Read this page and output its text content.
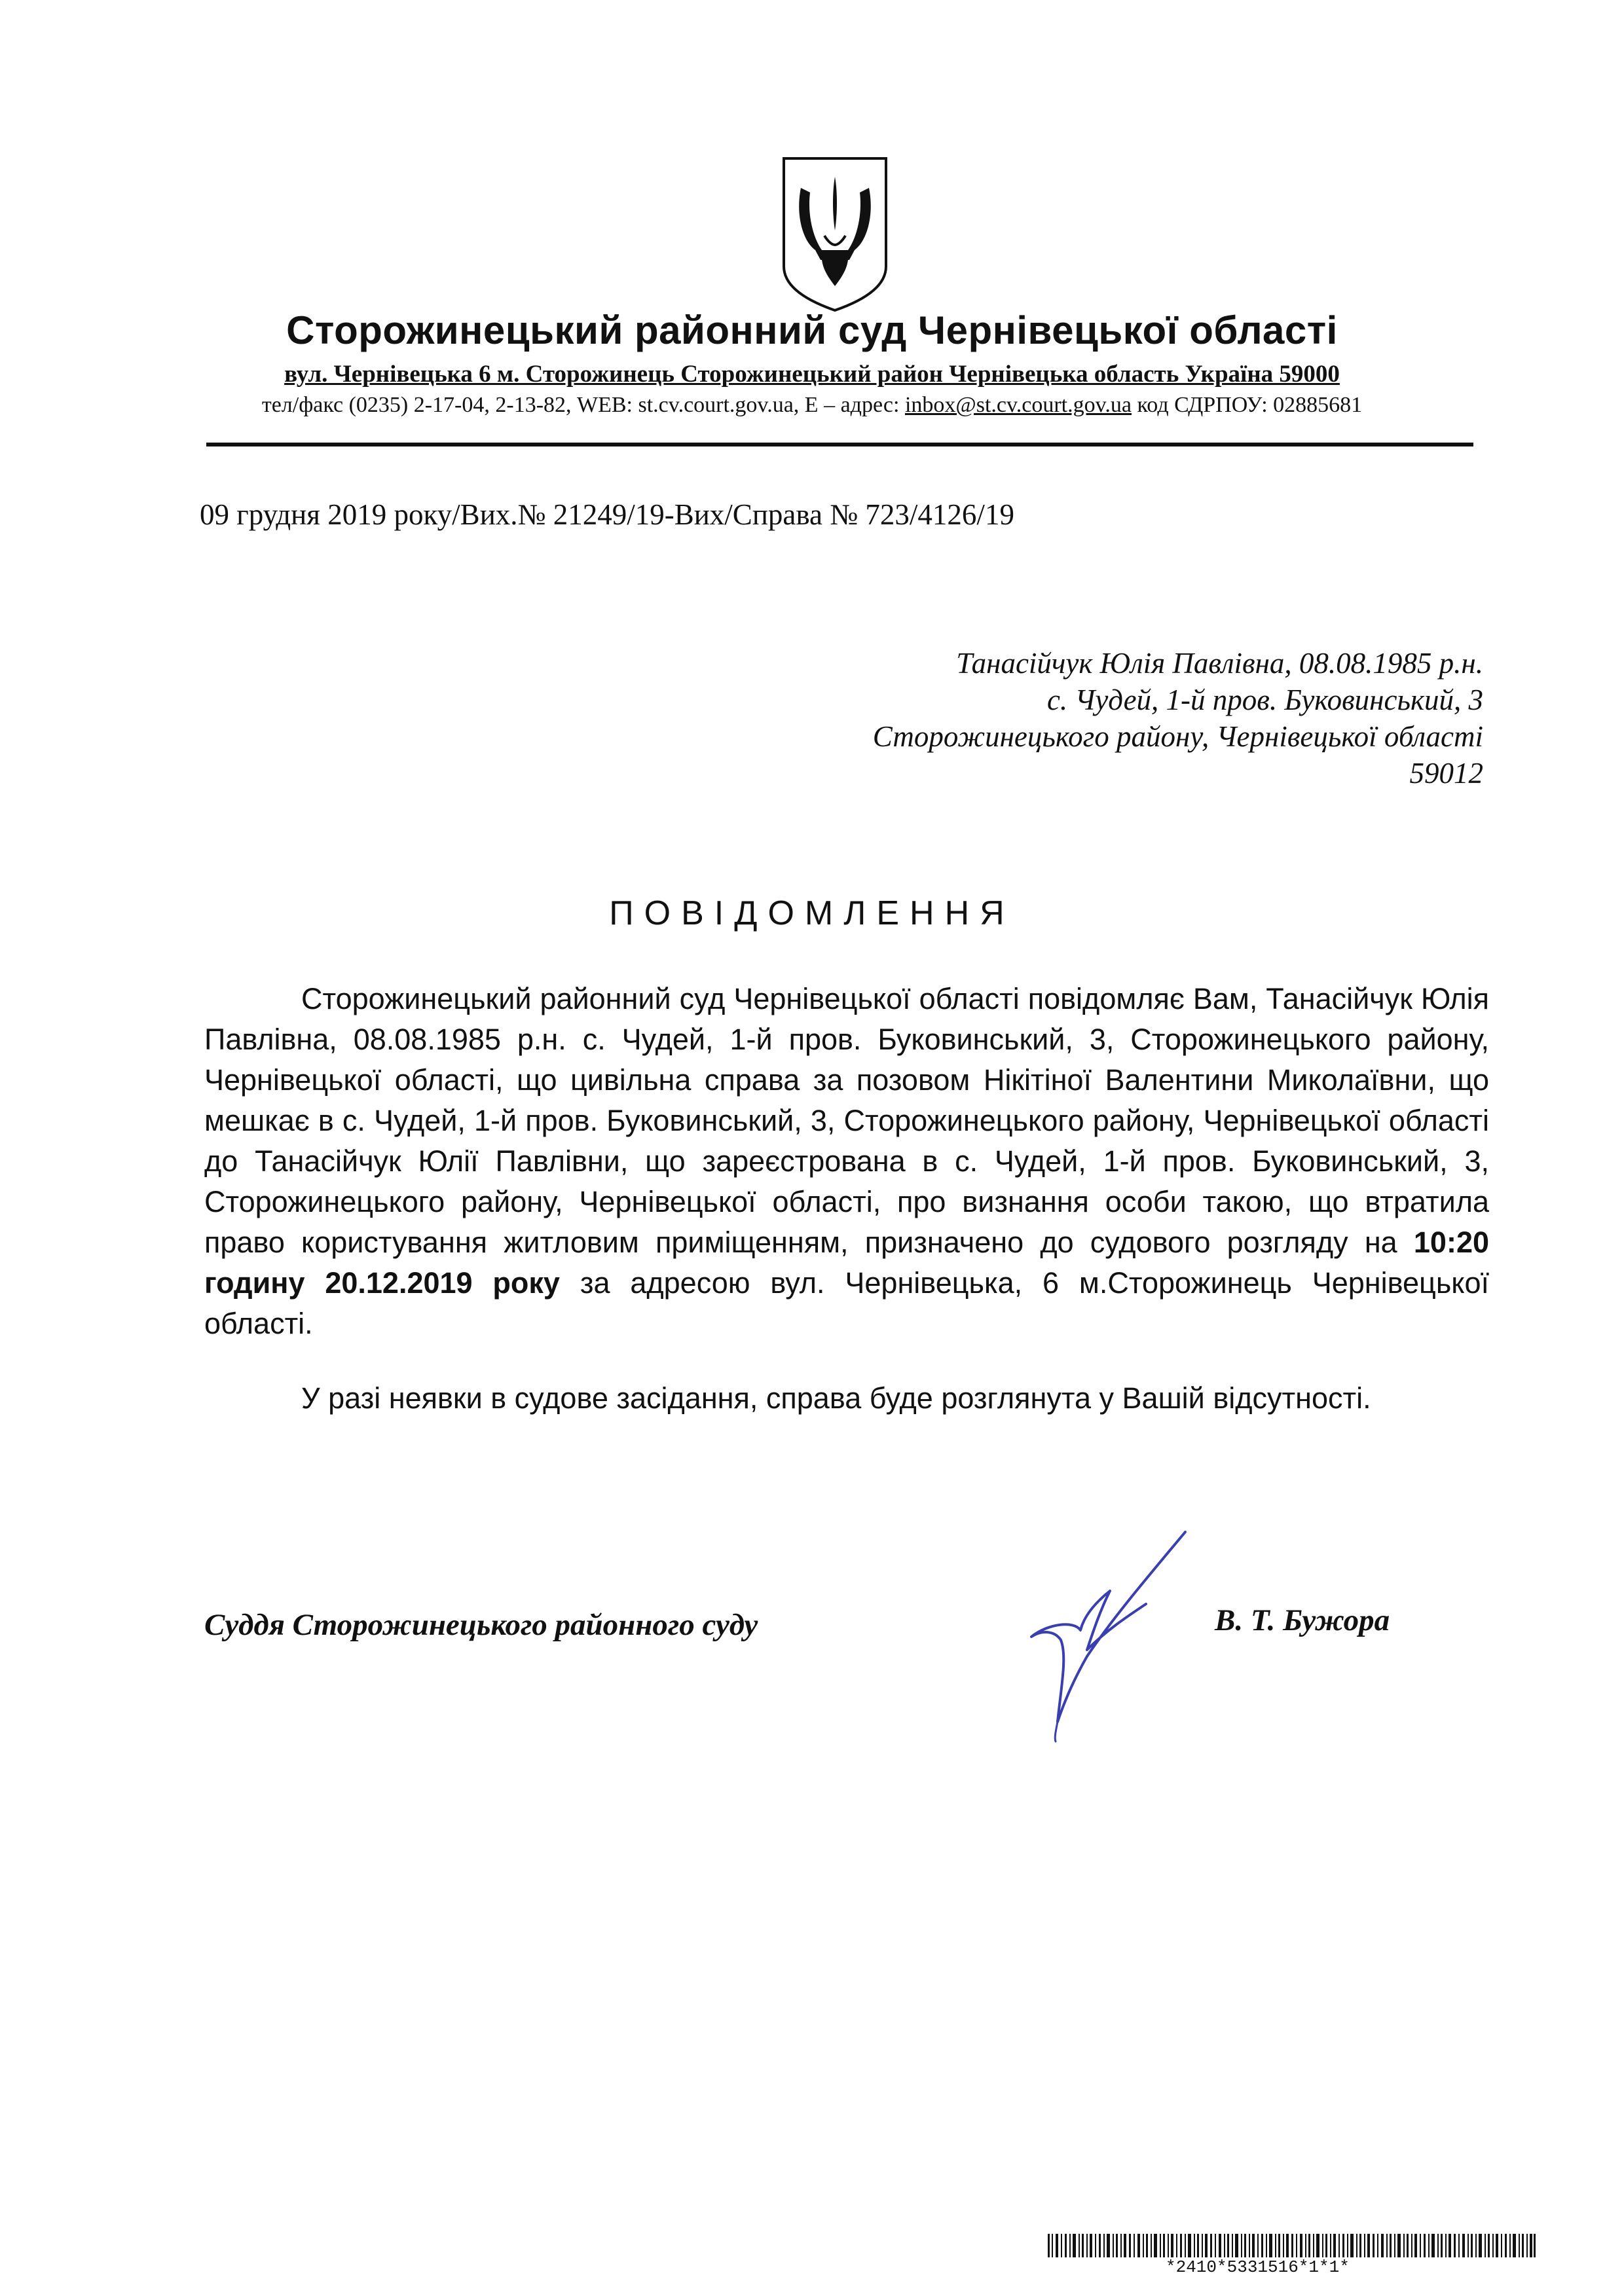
Сторожинецький районний суд Чернівецької області
вул. Чернівецька 6 м. Сторожинець Сторожинецький район Чернівецька область Україна 59000
тел/факс (0235) 2-17-04, 2-13-82, WEB: st.cv.court.gov.ua, E – адрес: inbox@st.cv.court.gov.ua код СДРПОУ: 02885681
09 грудня 2019 року/Вих.№ 21249/19-Вих/Справа № 723/4126/19
Танасійчук Юлія Павлівна, 08.08.1985 р.н.
с. Чудей, 1-й пров. Буковинський, 3
Сторожинецького району, Чернівецької області
59012
ПОВІДОМЛЕННЯ

Сторожинецький районний суд Чернівецької області повідомляє Вам, Танасійчук Юлія Павлівна, 08.08.1985 р.н. с. Чудей, 1-й пров. Буковинський, 3, Сторожинецького району, Чернівецької області, що цивільна справа за позовом Нікітіної Валентини Миколаївни, що мешкає в с. Чудей, 1-й пров. Буковинський, 3, Сторожинецького району, Чернівецької області до Танасійчук Юлії Павлівни, що зареєстрована в с. Чудей, 1-й пров. Буковинський, 3, Сторожинецького району, Чернівецької області, про визнання особи такою, що втратила право користування житловим приміщенням, призначено до судового розгляду на 10:20 годину 20.12.2019 року за адресою вул. Чернівецька, 6 м.Сторожинець Чернівецької області.

У разі неявки в судове засідання, справа буде розглянута у Вашій відсутності.

Суддя Сторожинецького районного суду	В. Т. Бужора
*2410*5331516*1*1*
